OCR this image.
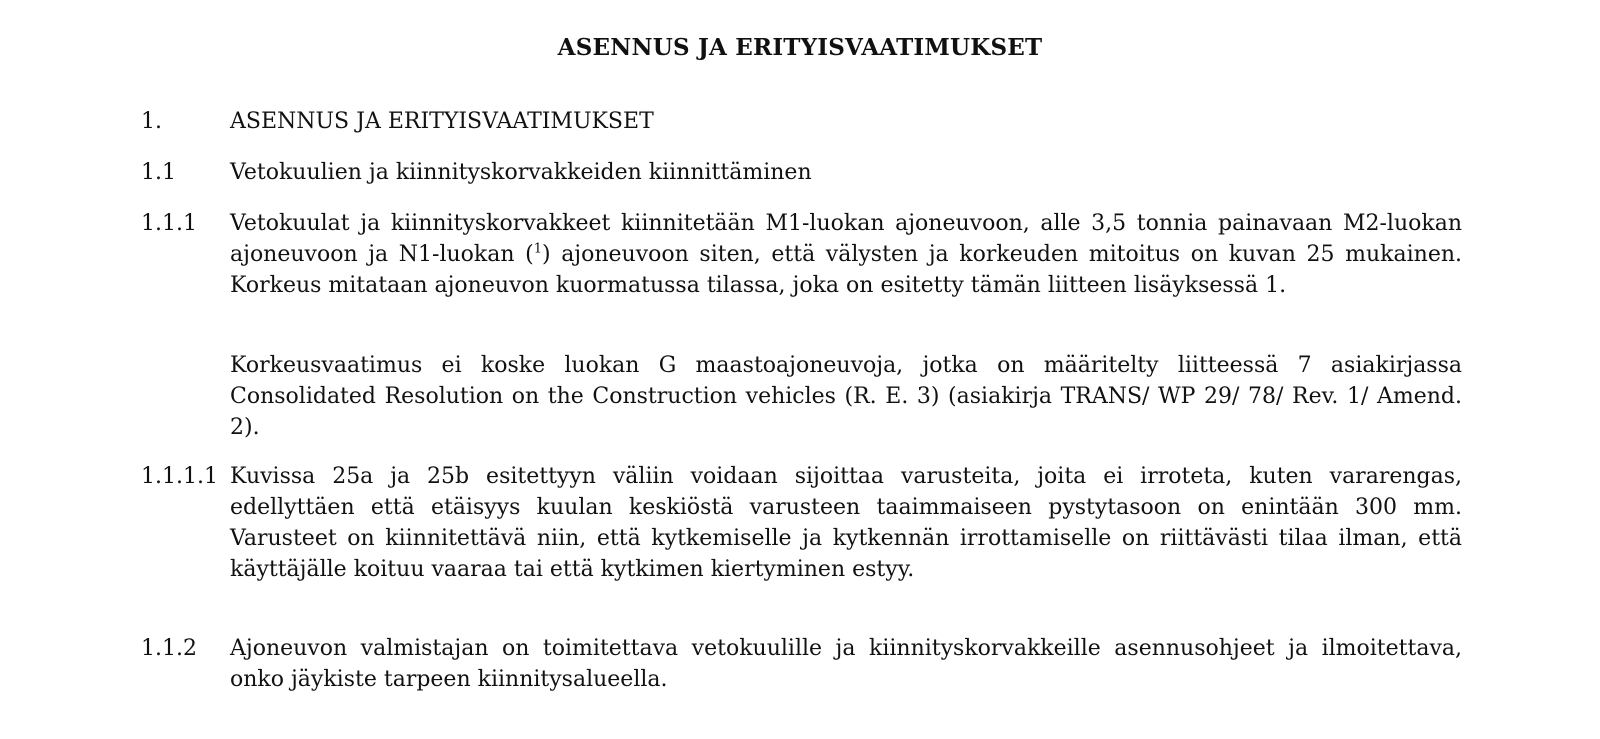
ASENNUS JA ERITYISVAATIMUKSET
1.	ASENNUS JA ERITYISVAATIMUKSET
1.1 Vetokuulien ja kiinnityskorvakkeiden kiinnittäminen
1.1.1 Vetokuulat ja kiinnityskorvakkeet kiinnitetään M1-luokan ajoneuvoon, alle 3,5 tonnia painavaan M2-luokan ajoneuvoon ja N1-luokan ($^1$) ajoneuvoon siten, että välysten ja korkeuden mitoitus on kuvan 25 mukainen. Korkeus mitataan ajoneuvon kuormatussa tilassa, joka on esitetty tämän liitteen lisäyksessä 1.

Korkeusvaatimus ei koske luokan G maastoajoneuvoja, jotka on määritelty liitteessä 7 asiakirjassa Consolidated Resolution on the Construction vehicles (R. E. 3) (asiakirja TRANS/ WP 29/ 78/ Rev. 1/ Amend. 2).

1.1.1.1 Kuvissa 25a ja 25b esitettyyn väliin voidaan sijoittaa varusteita, joita ei irroteta, kuten vararengas, edellyttäen että etäisyys kuulan keskiöstä varusteen taaimmaiseen pystytasoon on enintään 300 mm. Varusteet on kiinnitettävä niin, että kytkemiselle ja kytkennän irrottamiselle on riittävästi tilaa ilman, että käyttäjälle koituu vaaraa tai että kytkimen kiertyminen estyy.

1.1.2 Ajoneuvon valmistajan on toimitettava vetokuulille ja kiinnityskorvakkeille asennusohjeet ja ilmoitettava, onko jäykiste tarpeen kiinnitysalueella.
